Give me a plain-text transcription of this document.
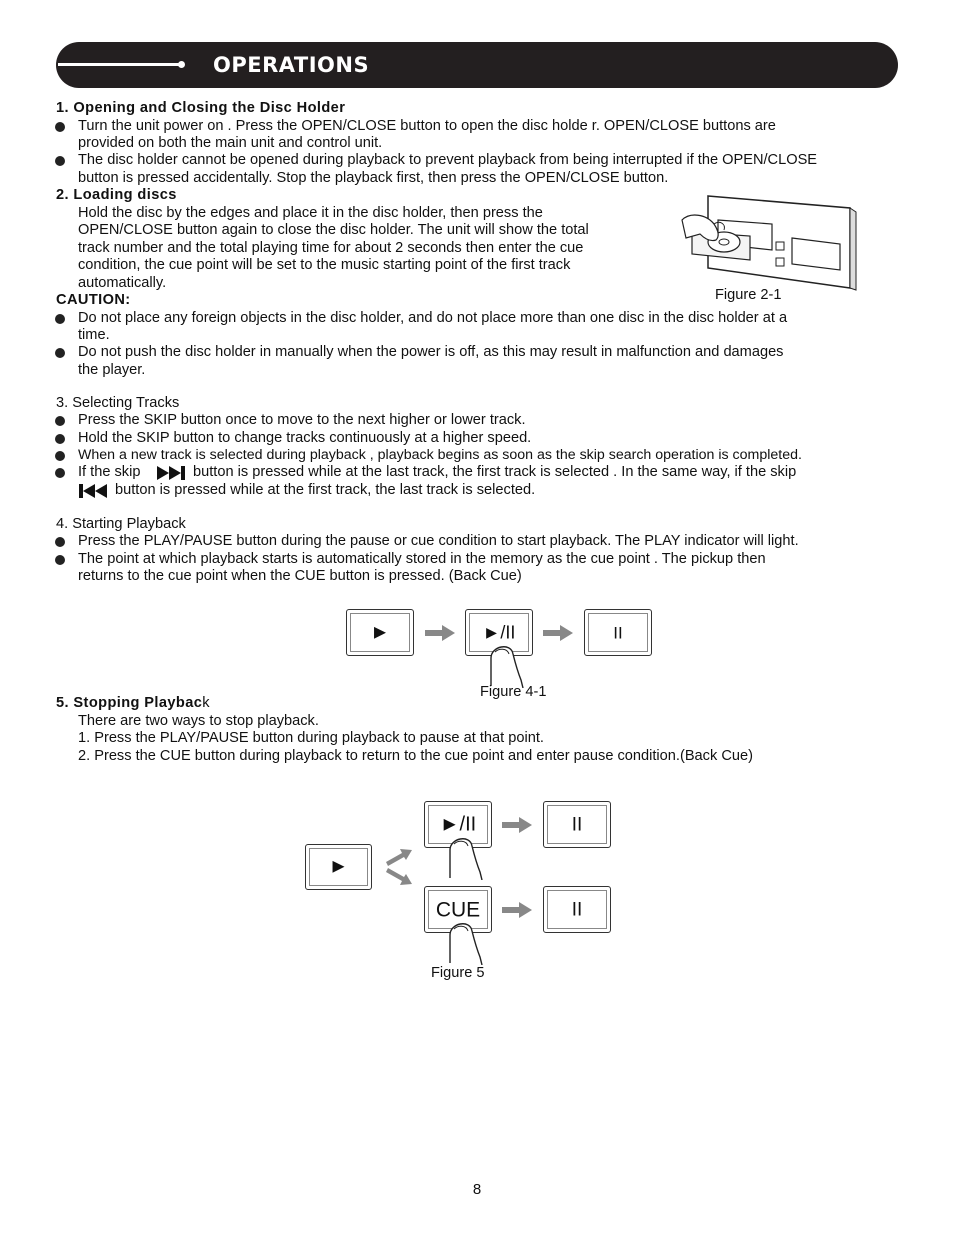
OPERATIONS
1. Opening and Closing the Disc Holder
Turn the unit power on . Press the OPEN/CLOSE button to open the disc holde r. OPEN/CLOSE buttons are
provided on both the main unit and control unit.
The disc holder cannot be opened during playback to prevent playback from being interrupted if the OPEN/CLOSE
button is pressed accidentally. Stop the playback first, then press the OPEN/CLOSE button.
2. Loading discs
Hold the disc by the edges and place it in the disc holder, then press the
OPEN/CLOSE button again to close the disc holder. The unit will show the total
track number and the total playing time for about 2 seconds then enter the cue
condition, the cue point will be set to the music starting point of the first track
automatically.
Figure 2-1
CAUTION:
Do not place any foreign objects in the disc holder, and do not place more than one disc in the disc holder at a
time.
Do not push the disc holder in manually when the power is off, as this may result in malfunction and damages
the player.
3. Selecting Tracks
Press the SKIP button once to move to the next higher or lower track.
Hold the SKIP button to change tracks continuously at a higher speed.
When a new track is selected during playback , playback begins as soon as the skip search operation is completed.
If the skip	button is pressed while at the last track, the first track is selected . In the same way, if the skip
button is pressed while at the first track, the last track is selected.
4. Starting Playback
Press the PLAY/PAUSE button during the pause or cue condition to start playback. The PLAY indicator will light.
The point at which playback starts is automatically stored in the memory as the cue point . The pickup then
returns to the cue point when the CUE button is pressed. (Back Cue)
►	►/II	II
Figure 4-1
5. Stopping Playback
There are two ways to stop playback.
1. Press the PLAY/PAUSE button during playback to pause at that point.
2. Press the CUE button during playback to return to the cue point and enter pause condition.(Back Cue)
►
►/II	II
CUE	II
Figure 5
8
